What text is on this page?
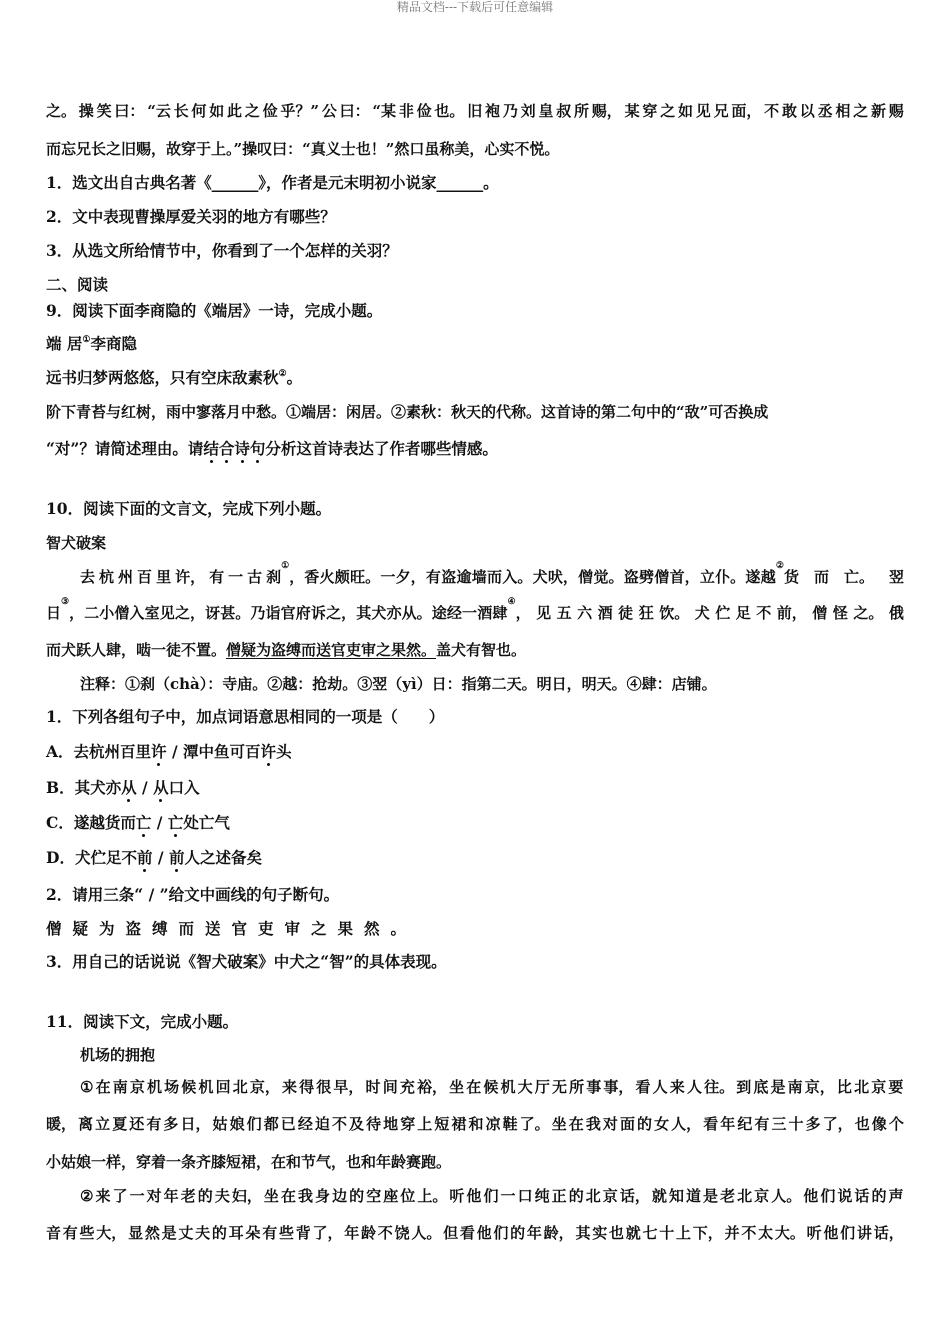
精品文档---下载后可任意编辑
之。 操 笑 曰： “云 长 何 如 此 之 俭 乎？” 公 曰： “某 非 俭 也。 旧 袍 乃 刘 皇 叔 所 赐， 某 穿 之 如 见 兄 面， 不 敢 以 丞 相 之 新 赐
而忘兄长之旧赐，故穿于上。”操叹曰：“真义士也！”然口虽称美，心实不悦。
1．选文出自古典名著《______》，作者是元末明初小说家______。
2．文中表现曹操厚爱关羽的地方有哪些？
3．从选文所给情节中，你看到了一个怎样的关羽？
二、阅读
9．阅读下面李商隐的《端居》一诗，完成小题。
端 居①李商隐
远书归梦两悠悠，只有空床敌素秋②。
阶下青苔与红树，雨中寥落月中愁。①端居：闲居。②素秋：秋天的代称。这首诗的第二句中的“敌”可否换成
“对”？请简述理由。请结合诗句分析这首诗表达了作者哪些情感。
10．阅读下面的文言文，完成下列小题。
智犬破案
去 杭 州 百 里 许， 有 一 古 刹
①
，香 火 颇 旺。 一 夕， 有 盗 逾 墙 而 入。 犬 吠， 僧 觉。 盗 劈 僧 首， 立 仆。 遂 越
②
货 而 亡。 翌
日
③
，二 小 僧 入 室 见 之， 讶 甚。 乃 诣 官 府 诉 之， 其 犬 亦 从。 途 经 一 酒 肆
④
， 见 五 六 酒 徒 狂 饮。 犬 伫 足 不 前， 僧 怪 之。 俄
而犬跃人肆，啮一徒不置。僧疑为盗缚而送官吏审之果然。盖犬有智也。
注释：①刹（chà）：寺庙。②越：抢劫。③翌（yì）日：指第二天。明日，明天。④肆：店铺。
1．下列各组句子中，加点词语意思相同的一项是（　　）
A．去杭州百里许 / 潭中鱼可百许头
B．其犬亦从 / 从口入
C．遂越货而亡 / 亡处亡气
D．犬伫足不前 / 前人之述备矣
2．请用三条“ / ”给文中画线的句子断句。
僧疑为盗缚而送官吏审之果然。
3．用自己的话说说《智犬破案》中犬之“智”的具体表现。
11．阅读下文，完成小题。
机场的拥抱
① 在 南 京 机 场 候 机 回 北 京， 来 得 很 早， 时 间 充 裕， 坐 在 候 机 大 厅 无 所 事 事， 看 人 来 人 往。 到 底 是 南 京， 比 北 京 要
暖， 离 立 夏 还 有 多 日， 姑 娘 们 都 已 经 迫 不 及 待 地 穿 上 短 裙 和 凉 鞋 了。 坐 在 我 对 面 的 女 人， 看 年 纪 有 三 十 多 了， 也 像 个
小姑娘一样，穿着一条齐膝短裙，在和节气，也和年龄赛跑。
② 来 了 一 对 年 老 的 夫 妇， 坐 在 我 身 边 的 空 座 位 上。 听 他 们 一 口 纯 正 的 北 京 话， 就 知 道 是 老 北 京 人。 他 们 说 话 的 声
音 有 些 大， 显 然 是 丈 夫 的 耳 朵 有 些 背 了， 年 龄 不 饶 人。 但 看 他 们 的 年 龄， 其 实 也 就 七 十 上 下， 并 不 太 大。 听 他 们 讲 话，
